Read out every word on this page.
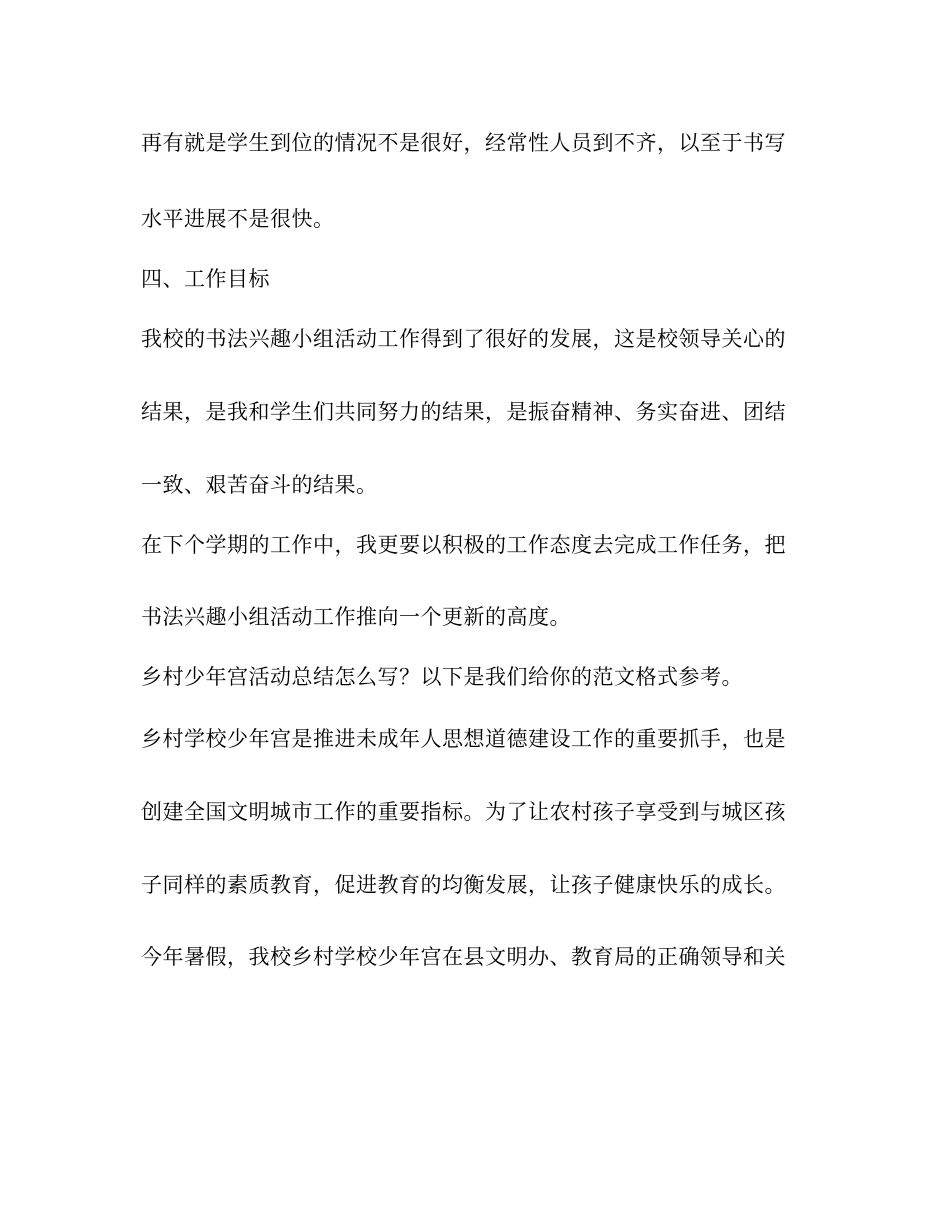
再有就是学生到位的情况不是很好，经常性人员到不齐，以至于书写
水平进展不是很快。
四、工作目标
我校的书法兴趣小组活动工作得到了很好的发展，这是校领导关心的
结果，是我和学生们共同努力的结果，是振奋精神、务实奋进、团结
一致、艰苦奋斗的结果。
在下个学期的工作中，我更要以积极的工作态度去完成工作任务，把
书法兴趣小组活动工作推向一个更新的高度。
乡村少年宫活动总结怎么写？以下是我们给你的范文格式参考。
乡村学校少年宫是推进未成年人思想道德建设工作的重要抓手，也是
创建全国文明城市工作的重要指标。为了让农村孩子享受到与城区孩
子同样的素质教育，促进教育的均衡发展，让孩子健康快乐的成长。
今年暑假，我校乡村学校少年宫在县文明办、教育局的正确领导和关
